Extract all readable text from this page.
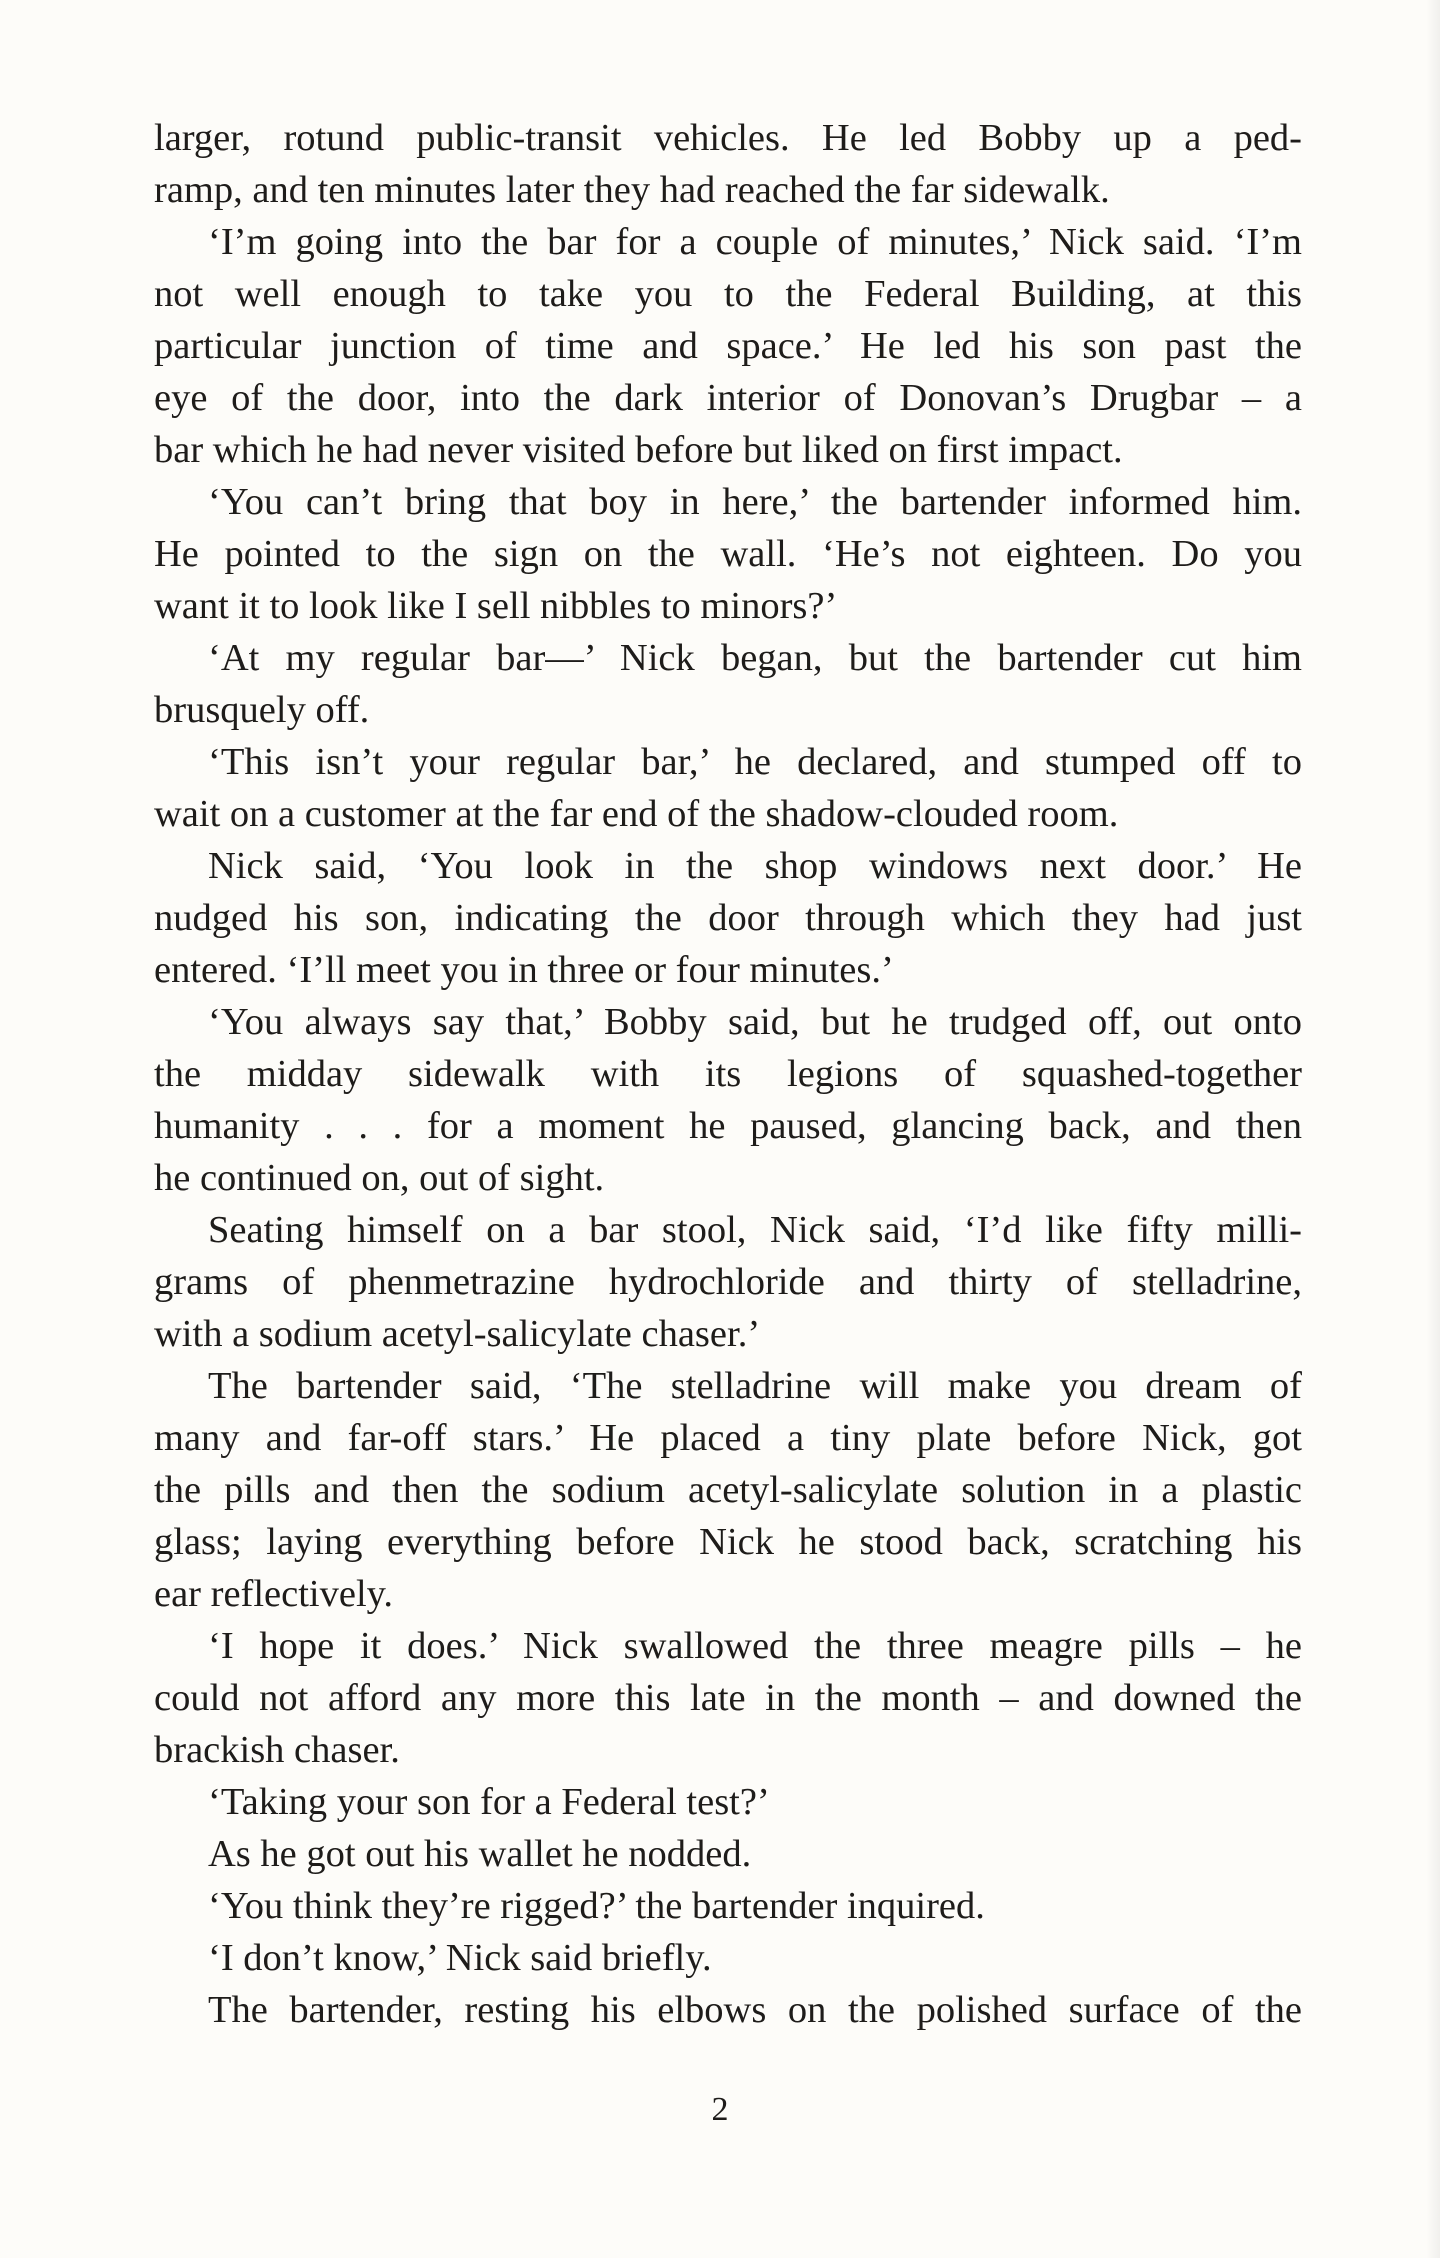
larger, rotund public-transit vehicles. He led Bobby up a ped-
ramp, and ten minutes later they had reached the far sidewalk.
‘I’m going into the bar for a couple of minutes,’ Nick said. ‘I’m
not well enough to take you to the Federal Building, at this
particular junction of time and space.’ He led his son past the
eye of the door, into the dark interior of Donovan’s Drugbar – a
bar which he had never visited before but liked on first impact.
‘You can’t bring that boy in here,’ the bartender informed him.
He pointed to the sign on the wall. ‘He’s not eighteen. Do you
want it to look like I sell nibbles to minors?’
‘At my regular bar—’ Nick began, but the bartender cut him
brusquely off.
‘This isn’t your regular bar,’ he declared, and stumped off to
wait on a customer at the far end of the shadow-clouded room.
Nick said, ‘You look in the shop windows next door.’ He
nudged his son, indicating the door through which they had just
entered. ‘I’ll meet you in three or four minutes.’
‘You always say that,’ Bobby said, but he trudged off, out onto
the midday sidewalk with its legions of squashed-together
humanity . . . for a moment he paused, glancing back, and then
he continued on, out of sight.
Seating himself on a bar stool, Nick said, ‘I’d like fifty milli-
grams of phenmetrazine hydrochloride and thirty of stelladrine,
with a sodium acetyl-salicylate chaser.’
The bartender said, ‘The stelladrine will make you dream of
many and far-off stars.’ He placed a tiny plate before Nick, got
the pills and then the sodium acetyl-salicylate solution in a plastic
glass; laying everything before Nick he stood back, scratching his
ear reflectively.
‘I hope it does.’ Nick swallowed the three meagre pills – he
could not afford any more this late in the month – and downed the
brackish chaser.
‘Taking your son for a Federal test?’
As he got out his wallet he nodded.
‘You think they’re rigged?’ the bartender inquired.
‘I don’t know,’ Nick said briefly.
The bartender, resting his elbows on the polished surface of the
2
